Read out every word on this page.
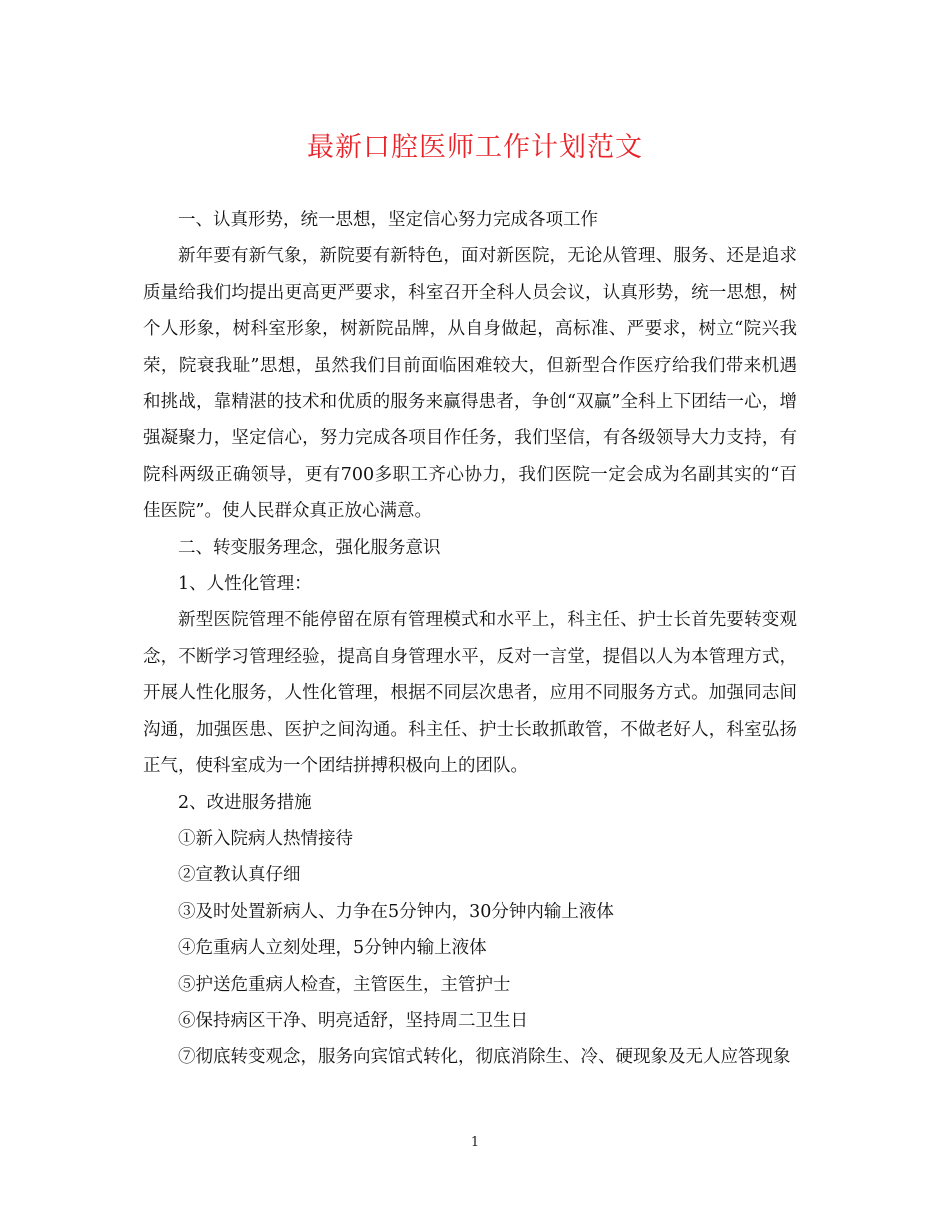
最新口腔医师工作计划范文

一、认真形势，统一思想，坚定信心努力完成各项工作

新年要有新气象，新院要有新特色，面对新医院，无论从管理、服务、还是追求质量给我们均提出更高更严要求，科室召开全科人员会议，认真形势，统一思想，树个人形象，树科室形象，树新院品牌，从自身做起，高标准、严要求，树立“院兴我荣，院衰我耻”思想，虽然我们目前面临困难较大，但新型合作医疗给我们带来机遇和挑战，靠精湛的技术和优质的服务来赢得患者，争创“双赢”全科上下团结一心，增强凝聚力，坚定信心，努力完成各项目作任务，我们坚信，有各级领导大力支持，有院科两级正确领导，更有700多职工齐心协力，我们医院一定会成为名副其实的“百佳医院”。使人民群众真正放心满意。

二、转变服务理念，强化服务意识

1、人性化管理：

新型医院管理不能停留在原有管理模式和水平上，科主任、护士长首先要转变观念，不断学习管理经验，提高自身管理水平，反对一言堂，提倡以人为本管理方式，开展人性化服务，人性化管理，根据不同层次患者，应用不同服务方式。加强同志间沟通，加强医患、医护之间沟通。科主任、护士长敢抓敢管，不做老好人，科室弘扬正气，使科室成为一个团结拼搏积极向上的团队。

2、改进服务措施

①新入院病人热情接待

②宣教认真仔细

③及时处置新病人、力争在5分钟内，30分钟内输上液体

④危重病人立刻处理，5分钟内输上液体

⑤护送危重病人检查，主管医生，主管护士

⑥保持病区干净、明亮适舒，坚持周二卫生日

⑦彻底转变观念，服务向宾馆式转化，彻底消除生、冷、硬现象及无人应答现象

1
